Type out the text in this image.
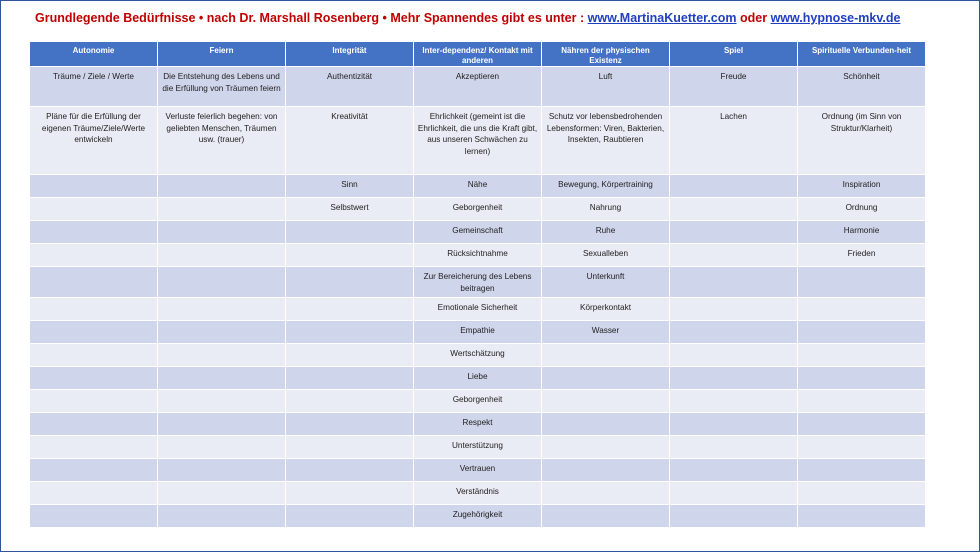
Grundlegende Bedürfnisse • nach Dr. Marshall Rosenberg • Mehr Spannendes gibt es unter : www.MartinaKuetter.com oder www.hypnose-mkv.de
Autonomie	Feiern	Integrität	Inter-dependenz/ Kontakt mit anderen	Nähren der physischen Existenz	Spiel	Spirituelle Verbunden-heit
Träume / Ziele / Werte	Die Entstehung des Lebens und die Erfüllung von Träumen feiern	Authentizität	Akzeptieren	Luft	Freude	Schönheit
Pläne für die Erfüllung der eigenen Träume/Ziele/Werte entwickeln	Verluste feierlich begehen: von geliebten Menschen, Träumen usw. (trauer)	Kreativität	Ehrlichkeit (gemeint ist die Ehrlichkeit, die uns die Kraft gibt, aus unseren Schwächen zu lernen)	Schutz vor lebensbedrohenden Lebensformen: Viren, Bakterien, Insekten, Raubtieren	Lachen	Ordnung (im Sinn von Struktur/Klarheit)
		Sinn	Nähe	Bewegung, Körpertraining		Inspiration
		Selbstwert	Geborgenheit	Nahrung		Ordnung
			Gemeinschaft	Ruhe		Harmonie
			Rücksichtnahme	Sexualleben		Frieden
			Zur Bereicherung des Lebens beitragen	Unterkunft		
			Emotionale Sicherheit	Körperkontakt		
			Empathie	Wasser		
			Wertschätzung			
			Liebe			
			Geborgenheit			
			Respekt			
			Unterstützung			
			Vertrauen			
			Verständnis			
			Zugehörigkeit			
